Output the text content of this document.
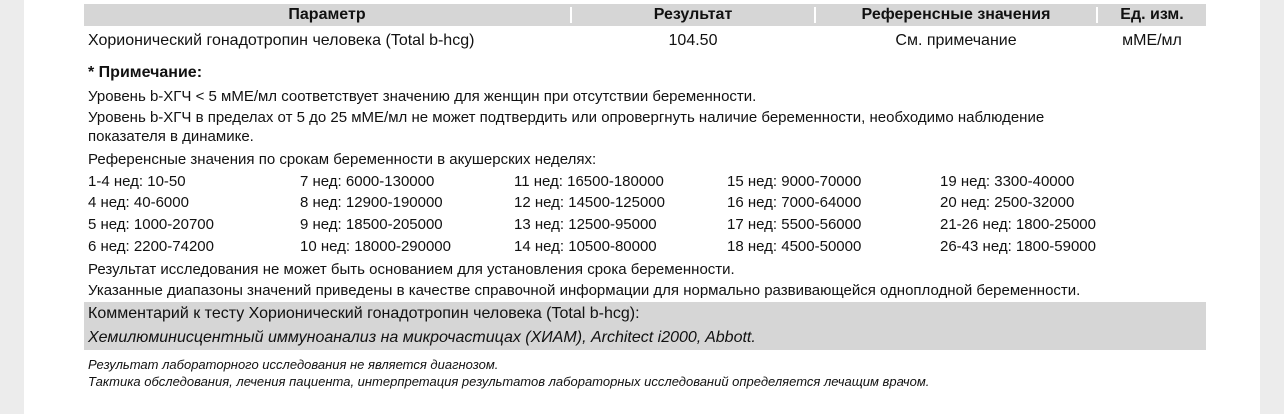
Параметр	Результат	Референсные значения	Ед. изм.
Хорионический гонадотропин человека (Total b-hcg)	104.50	См. примечание	мМЕ/мл
* Примечание:
Уровень b-ХГЧ < 5 мМЕ/мл соответствует значению для женщин при отсутствии беременности.
Уровень b-ХГЧ в пределах от 5 до 25 мМЕ/мл не может подтвердить или опровергнуть наличие беременности, необходимо наблюдение
показателя в динамике.
Референсные значения по срокам беременности в акушерских неделях:
1-4 нед: 10-50	7 нед: 6000-130000	11 нед: 16500-180000	15 нед: 9000-70000	19 нед: 3300-40000
4 нед: 40-6000	8 нед: 12900-190000	12 нед: 14500-125000	16 нед: 7000-64000	20 нед: 2500-32000
5 нед: 1000-20700	9 нед: 18500-205000	13 нед: 12500-95000	17 нед: 5500-56000	21-26 нед: 1800-25000
6 нед: 2200-74200	10 нед: 18000-290000	14 нед: 10500-80000	18 нед: 4500-50000	26-43 нед: 1800-59000
Результат исследования не может быть основанием для установления срока беременности.
Указанные диапазоны значений приведены в качестве справочной информации для нормально развивающейся одноплодной беременности.
Комментарий к тесту Хорионический гонадотропин человека (Total b-hcg):
Хемилюминисцентный иммуноанализ на микрочастицах (ХИАМ), Architect i2000, Abbott.
Результат лабораторного исследования не является диагнозом.
Тактика обследования, лечения пациента, интерпретация результатов лабораторных исследований определяется лечащим врачом.
